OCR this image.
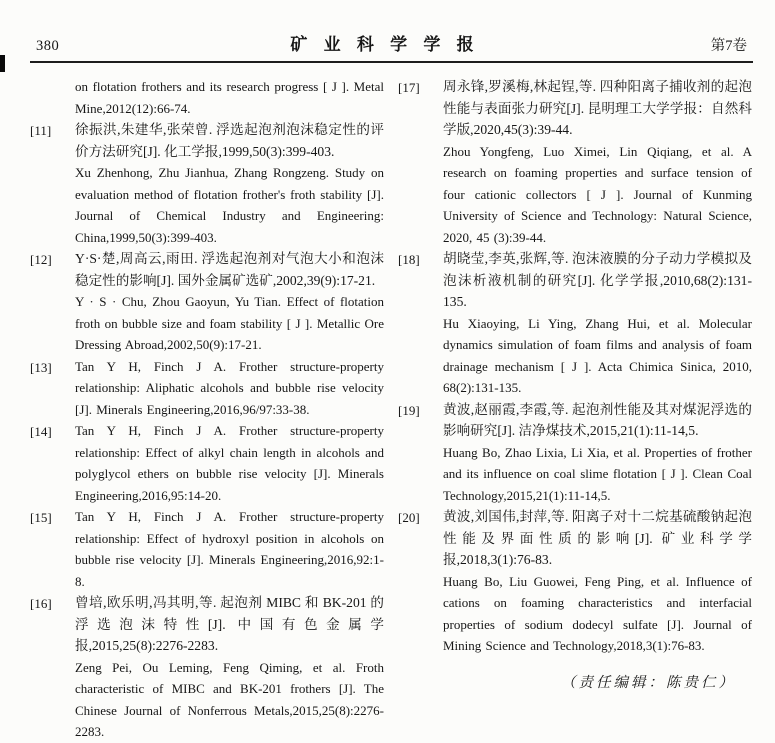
380	矿 业 科 学 学 报	第7卷

on flotation frothers and its research progress [ J ]. Metal Mine,2012(12):66-74.

[11]	徐振洪,朱建华,张荣曾. 浮选起泡剂泡沫稳定性的评价方法研究[J]. 化工学报,1999,50(3):399-403.

Xu Zhenhong, Zhu Jianhua, Zhang Rongzeng. Study on evaluation method of flotation frother's froth stability [J]. Journal of Chemical Industry and Engineering: China,1999,50(3):399-403.

[12]	Y·S·楚,周高云,雨田. 浮选起泡剂对气泡大小和泡沫稳定性的影响[J]. 国外金属矿选矿,2002,39(9):17-21.

Y · S · Chu, Zhou Gaoyun, Yu Tian. Effect of flotation froth on bubble size and foam stability [ J ]. Metallic Ore Dressing Abroad,2002,50(9):17-21.

[13]	Tan Y H, Finch J A. Frother structure-property relationship: Aliphatic alcohols and bubble rise velocity [J]. Minerals Engineering,2016,96/97:33-38.

[14]	Tan Y H, Finch J A. Frother structure-property relationship: Effect of alkyl chain length in alcohols and polyglycol ethers on bubble rise velocity [J]. Minerals Engineering,2016,95:14-20.

[15]	Tan Y H, Finch J A. Frother structure-property relationship: Effect of hydroxyl position in alcohols on bubble rise velocity [J]. Minerals Engineering,2016,92:1-8.

[16]	曾培,欧乐明,冯其明,等. 起泡剂 MIBC 和 BK-201 的浮选泡沫特性[J]. 中国有色金属学报,2015,25(8):2276-2283.

Zeng Pei, Ou Leming, Feng Qiming, et al. Froth characteristic of MIBC and BK-201 frothers [J]. The Chinese Journal of Nonferrous Metals,2015,25(8):2276-2283.

[17]	周永锋,罗溪梅,林起锃,等. 四种阳离子捕收剂的起泡性能与表面张力研究[J]. 昆明理工大学学报：自然科学版,2020,45(3):39-44.

Zhou Yongfeng, Luo Ximei, Lin Qiqiang, et al. A research on foaming properties and surface tension of four cationic collectors [ J ]. Journal of Kunming University of Science and Technology: Natural Science, 2020, 45 (3):39-44.

[18]	胡晓莹,李英,张辉,等. 泡沫液膜的分子动力学模拟及泡沫析液机制的研究[J]. 化学学报,2010,68(2):131-135.

Hu Xiaoying, Li Ying, Zhang Hui, et al. Molecular dynamics simulation of foam films and analysis of foam drainage mechanism [ J ]. Acta Chimica Sinica, 2010, 68(2):131-135.

[19]	黄波,赵丽霞,李霞,等. 起泡剂性能及其对煤泥浮选的影响研究[J]. 洁净煤技术,2015,21(1):11-14,5.

Huang Bo, Zhao Lixia, Li Xia, et al. Properties of frother and its influence on coal slime flotation [ J ]. Clean Coal Technology,2015,21(1):11-14,5.

[20]	黄波,刘国伟,封萍,等. 阳离子对十二烷基硫酸钠起泡性能及界面性质的影响[J]. 矿业科学学报,2018,3(1):76-83.

Huang Bo, Liu Guowei, Feng Ping, et al. Influence of cations on foaming characteristics and interfacial properties of sodium dodecyl sulfate [J]. Journal of Mining Science and Technology,2018,3(1):76-83.

（责任编辑：陈贵仁）
